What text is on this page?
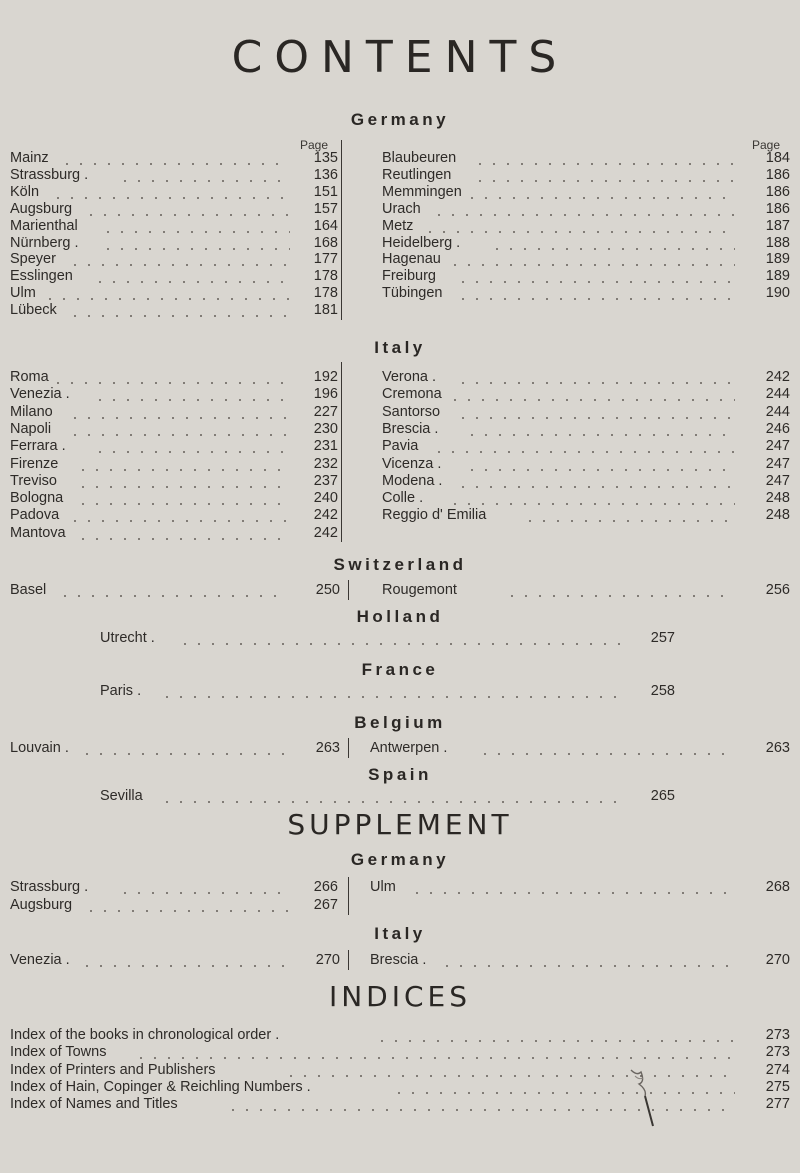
CONTENTS
Germany
Page	Page
Mainz	135
Strassburg .	136
Köln	151
Augsburg	157
Marienthal	164
Nürnberg .	168
Speyer	177
Esslingen	178
Ulm	178
Lübeck	181
Blaubeuren	184
Reutlingen	186
Memmingen	186
Urach	186
Metz	187
Heidelberg .	188
Hagenau	189
Freiburg	189
Tübingen	190
Italy
Roma	192
Venezia .	196
Milano	227
Napoli	230
Ferrara .	231
Firenze	232
Treviso	237
Bologna	240
Padova	242
Mantova	242
Verona .	242
Cremona	244
Santorso	244
Brescia .	246
Pavia	247
Vicenza .	247
Modena .	247
Colle .	248
Reggio d' Emilia	248
Switzerland
Basel	250	Rougemont	256
Holland
Utrecht .	257
France
Paris .	258
Belgium
Louvain .	263 Antwerpen .	263
Spain
Sevilla	265
SUPPLEMENT
Germany
Strassburg .	266
Augsburg	267
Ulm	268
Italy
Venezia .	270 Brescia .	270
INDICES
Index of the books in chronological order .	273
Index of Towns	273
Index of Printers and Publishers	274
Index of Hain, Copinger & Reichling Numbers .	275
Index of Names and Titles	277
